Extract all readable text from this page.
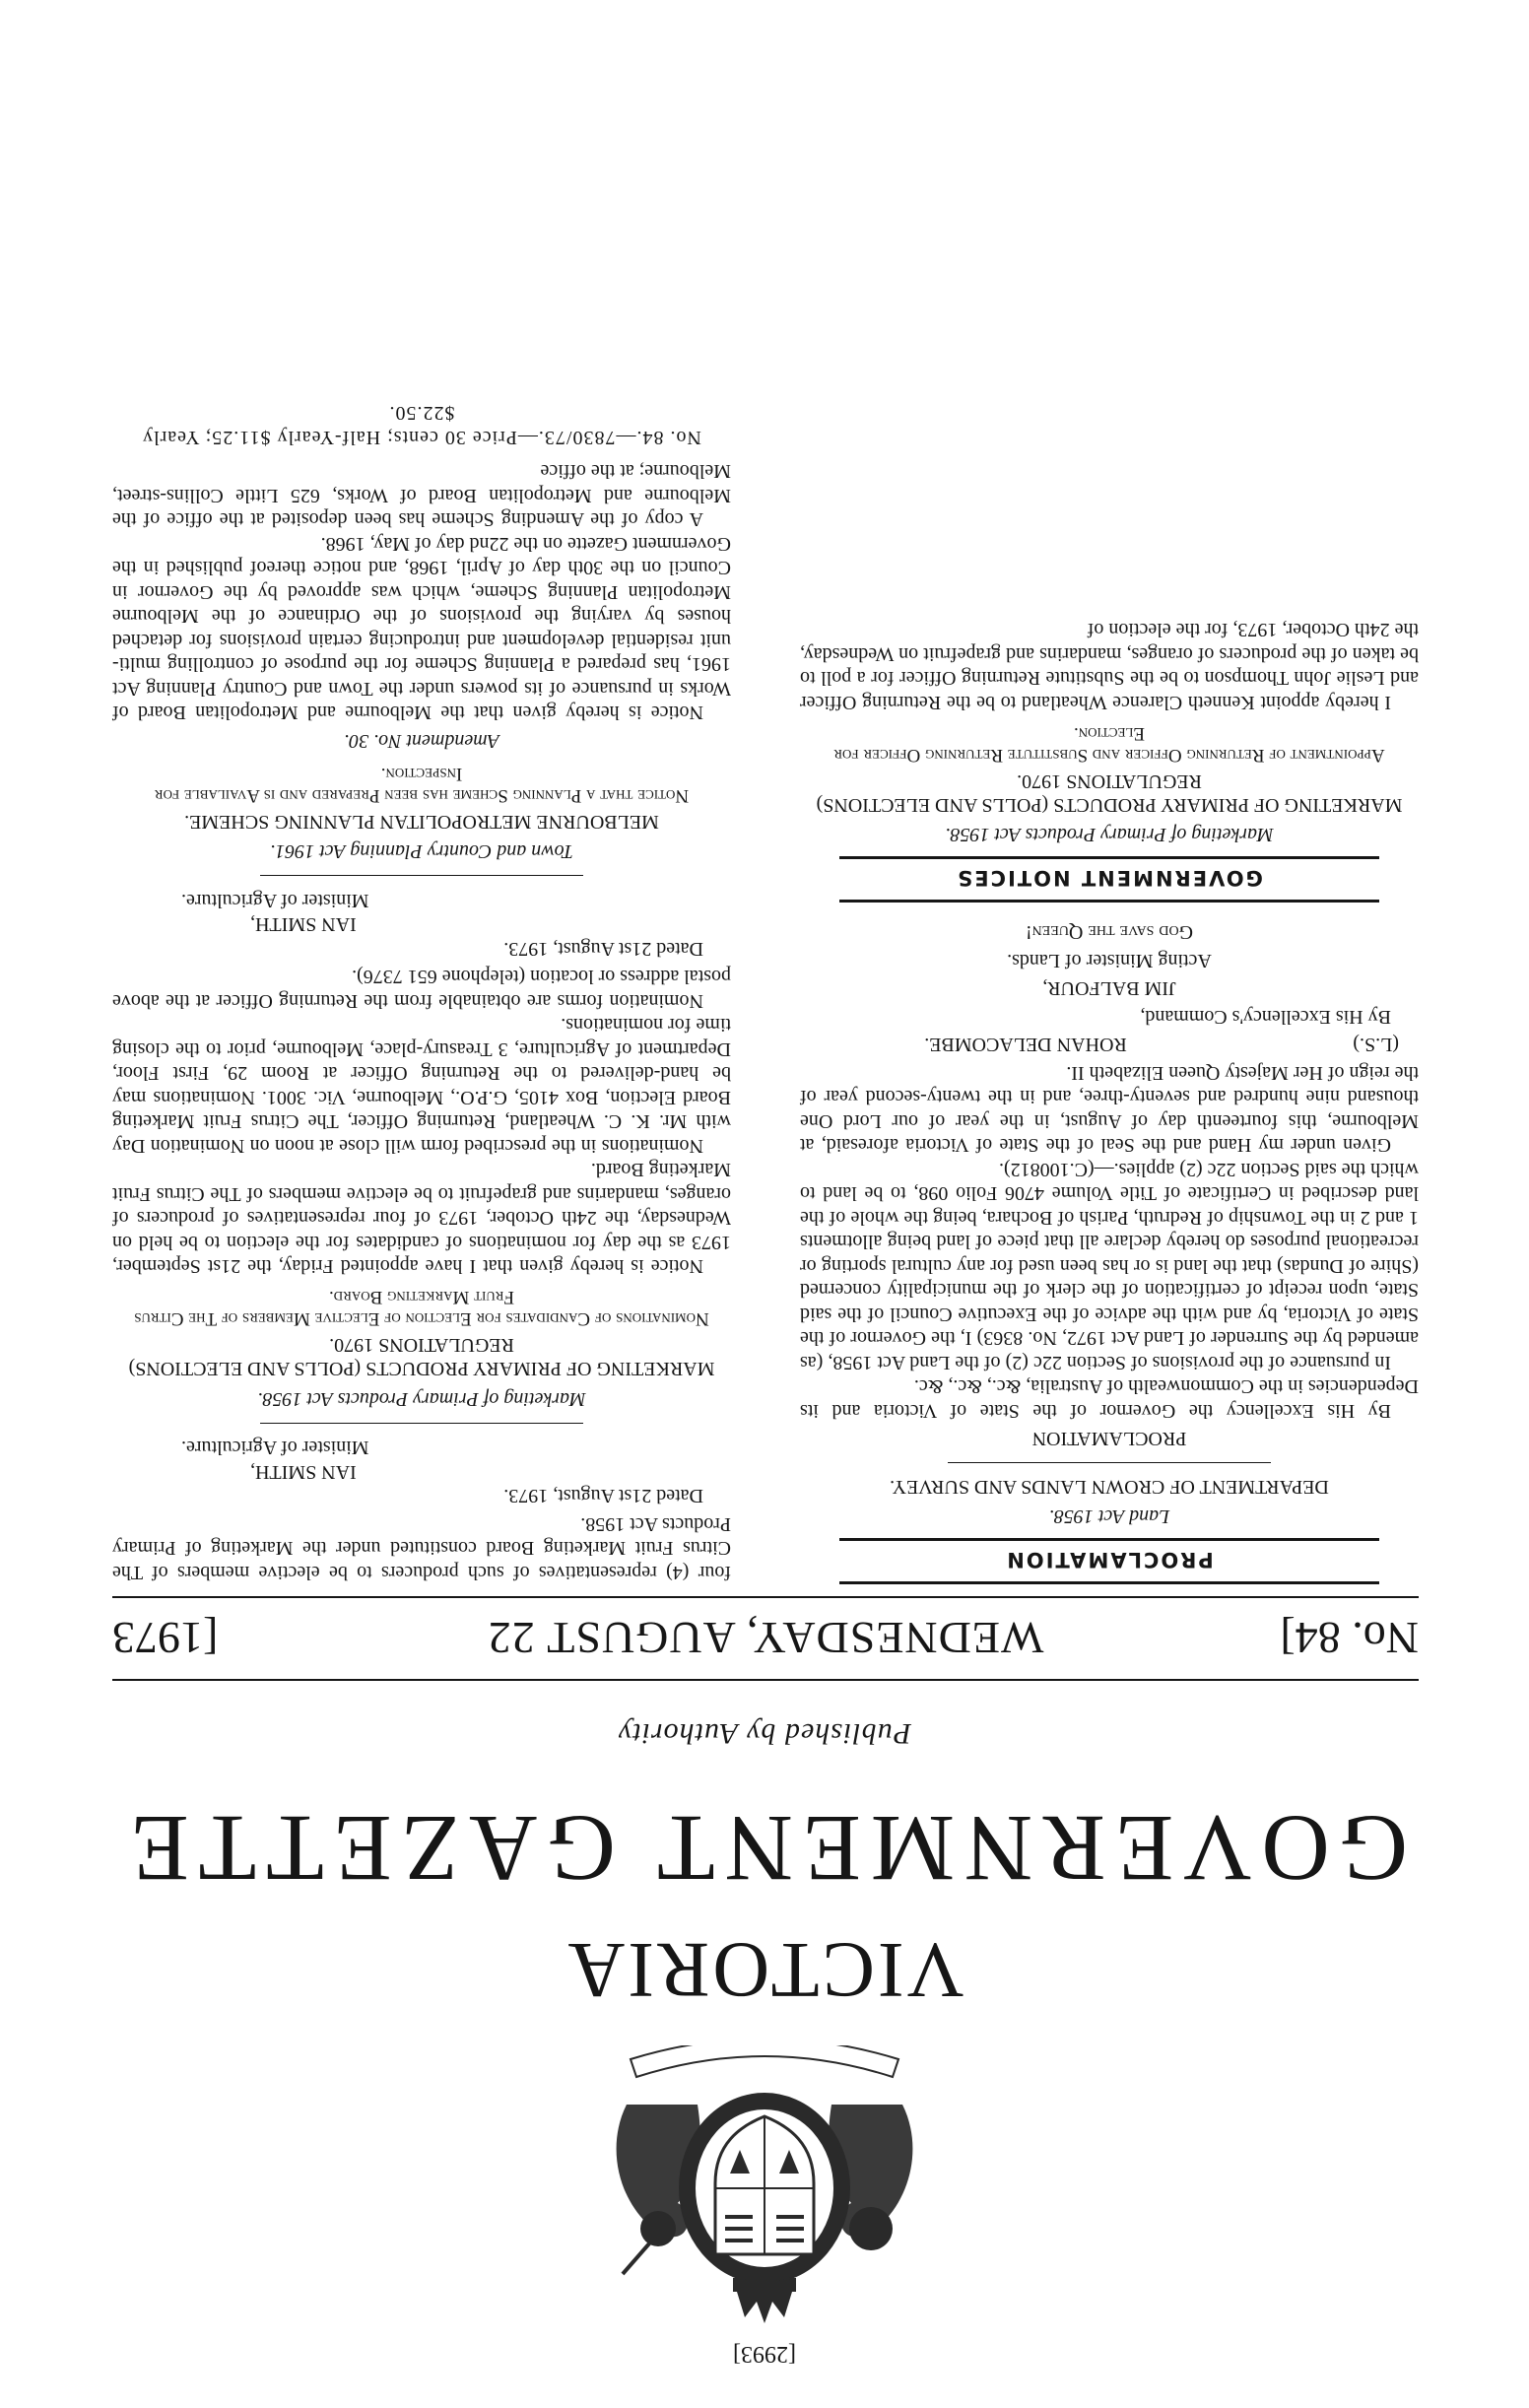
[2993]
VICTORIA
GOVERNMENT GAZETTE
Published by Authority
No. 84]
WEDNESDAY, AUGUST 22
[1973
PROCLAMATION

Land Act 1958.

DEPARTMENT OF CROWN LANDS AND SURVEY.

PROCLAMATION

By His Excellency the Governor of the State of Victoria and its Dependencies in the Commonwealth of Australia, &c., &c., &c.

In pursuance of the provisions of Section 22c (2) of the Land Act 1958, (as amended by the Surrender of Land Act 1972, No. 8363) I, the Governor of the State of Victoria, by and with the advice of the Executive Council of the said State, upon receipt of certification of the clerk of the municipality concerned (Shire of Dundas) that the land is or has been used for any cultural sporting or recreational purposes do hereby declare all that piece of land being allotments 1 and 2 in the Township of Redruth, Parish of Bochara, being the whole of the land described in Certificate of Title Volume 4706 Folio 098, to be land to which the said Section 22c (2) applies.—(C.100812).

Given under my Hand and the Seal of the State of Victoria aforesaid, at Melbourne, this fourteenth day of August, in the year of our Lord One thousand nine hundred and seventy-three, and in the twenty-second year of the reign of Her Majesty Queen Elizabeth II.

(L.S.)
ROHAN DELACOMBE.

By His Excellency's Command,

JIM BALFOUR,

Acting Minister of Lands.

God save the Queen!

GOVERNMENT NOTICES

Marketing of Primary Products Act 1958.

MARKETING OF PRIMARY PRODUCTS (POLLS AND ELECTIONS) REGULATIONS 1970.

Appointment of Returning Officer and Substitute Returning Officer for Election.

I hereby appoint Kenneth Clarence Wheatland to be the Returning Officer and Leslie John Thompson to be the Substitute Returning Officer for a poll to be taken of the producers of oranges, mandarins and grapefruit on Wednesday, the 24th October, 1973, for the election of

four (4) representatives of such producers to be elective members of The Citrus Fruit Marketing Board constituted under the Marketing of Primary Products Act 1958.

Dated 21st August, 1973.

IAN SMITH,

Minister of Agriculture.

Marketing of Primary Products Act 1958.

MARKETING OF PRIMARY PRODUCTS (POLLS AND ELECTIONS) REGULATIONS 1970.

Nominations of Candidates for Election of Elective Members of The Citrus Fruit Marketing Board.

Notice is hereby given that I have appointed Friday, the 21st September, 1973 as the day for nominations of candidates for the election to be held on Wednesday, the 24th October, 1973 of four representatives of producers of oranges, mandarins and grapefruit to be elective members of The Citrus Fruit Marketing Board.

Nominations in the prescribed form will close at noon on Nomination Day with Mr. K. C. Wheatland, Returning Officer, The Citrus Fruit Marketing Board Election, Box 4105, G.P.O., Melbourne, Vic. 3001. Nominations may be hand-delivered to the Returning Officer at Room 29, First Floor, Department of Agriculture, 3 Treasury-place, Melbourne, prior to the closing time for nominations.

Nomination forms are obtainable from the Returning Officer at the above postal address or location (telephone 651 7376).

Dated 21st August, 1973.

IAN SMITH,

Minister of Agriculture.

Town and Country Planning Act 1961.

MELBOURNE METROPOLITAN PLANNING SCHEME.

Notice that a Planning Scheme has been Prepared and is Available for Inspection.

Amendment No. 30.

Notice is hereby given that the Melbourne and Metropolitan Board of Works in pursuance of its powers under the Town and Country Planning Act 1961, has prepared a Planning Scheme for the purpose of controlling multi-unit residential development and introducing certain provisions for detached houses by varying the provisions of the Ordinance of the Melbourne Metropolitan Planning Scheme, which was approved by the Governor in Council on the 30th day of April, 1968, and notice thereof published in the Government Gazette on the 22nd day of May, 1968.

A copy of the Amending Scheme has been deposited at the office of the Melbourne and Metropolitan Board of Works, 625 Little Collins-street, Melbourne; at the office

No. 84.—7830/73.—Price 30 cents; Half-Yearly $11.25; Yearly $22.50.
